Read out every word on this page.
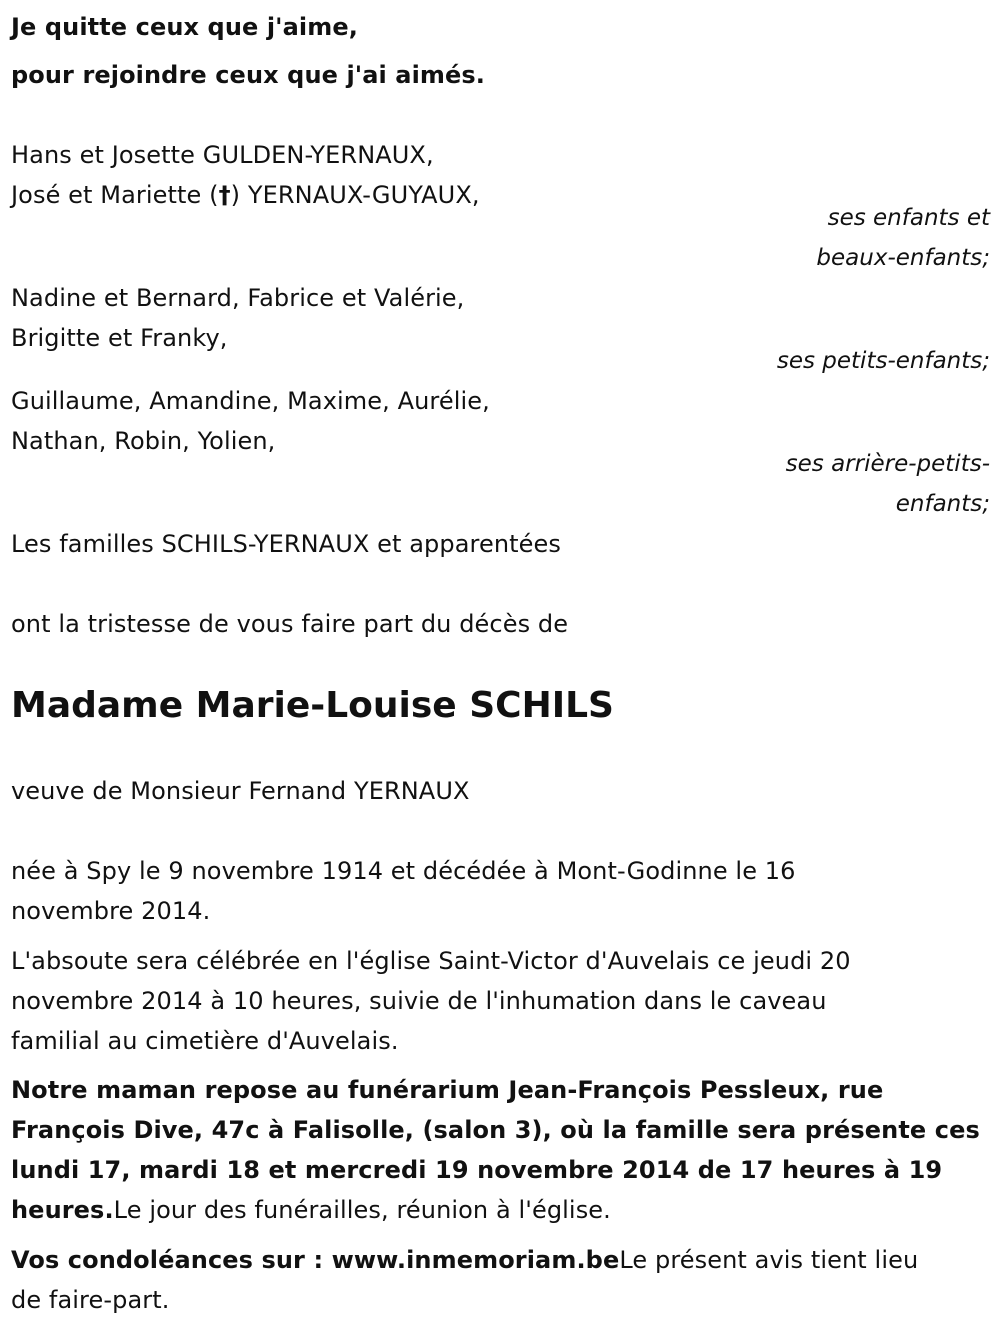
Je quitte ceux que j'aime,
pour rejoindre ceux que j'ai aimés.
Hans et Josette GULDEN-YERNAUX,
José et Mariette (†) YERNAUX-GUYAUX,
ses enfants et
beaux-enfants;
Nadine et Bernard, Fabrice et Valérie,
Brigitte et Franky,
ses petits-enfants;
Guillaume, Amandine, Maxime, Aurélie,
Nathan, Robin, Yolien,
ses arrière-petits-
enfants;
Les familles SCHILS-YERNAUX et apparentées
ont la tristesse de vous faire part du décès de
Madame Marie-Louise SCHILS
veuve de Monsieur Fernand YERNAUX
née à Spy le 9 novembre 1914 et décédée à Mont-Godinne le 16
novembre 2014.
L'absoute sera célébrée en l'église Saint-Victor d'Auvelais ce jeudi 20
novembre 2014 à 10 heures, suivie de l'inhumation dans le caveau
familial au cimetière d'Auvelais.
Notre maman repose au funérarium Jean-François Pessleux, rue
François Dive, 47c à Falisolle, (salon 3), où la famille sera présente ces
lundi 17, mardi 18 et mercredi 19 novembre 2014 de 17 heures à 19
heures.Le jour des funérailles, réunion à l'église.
Vos condoléances sur : www.inmemoriam.beLe présent avis tient lieu
de faire-part.
